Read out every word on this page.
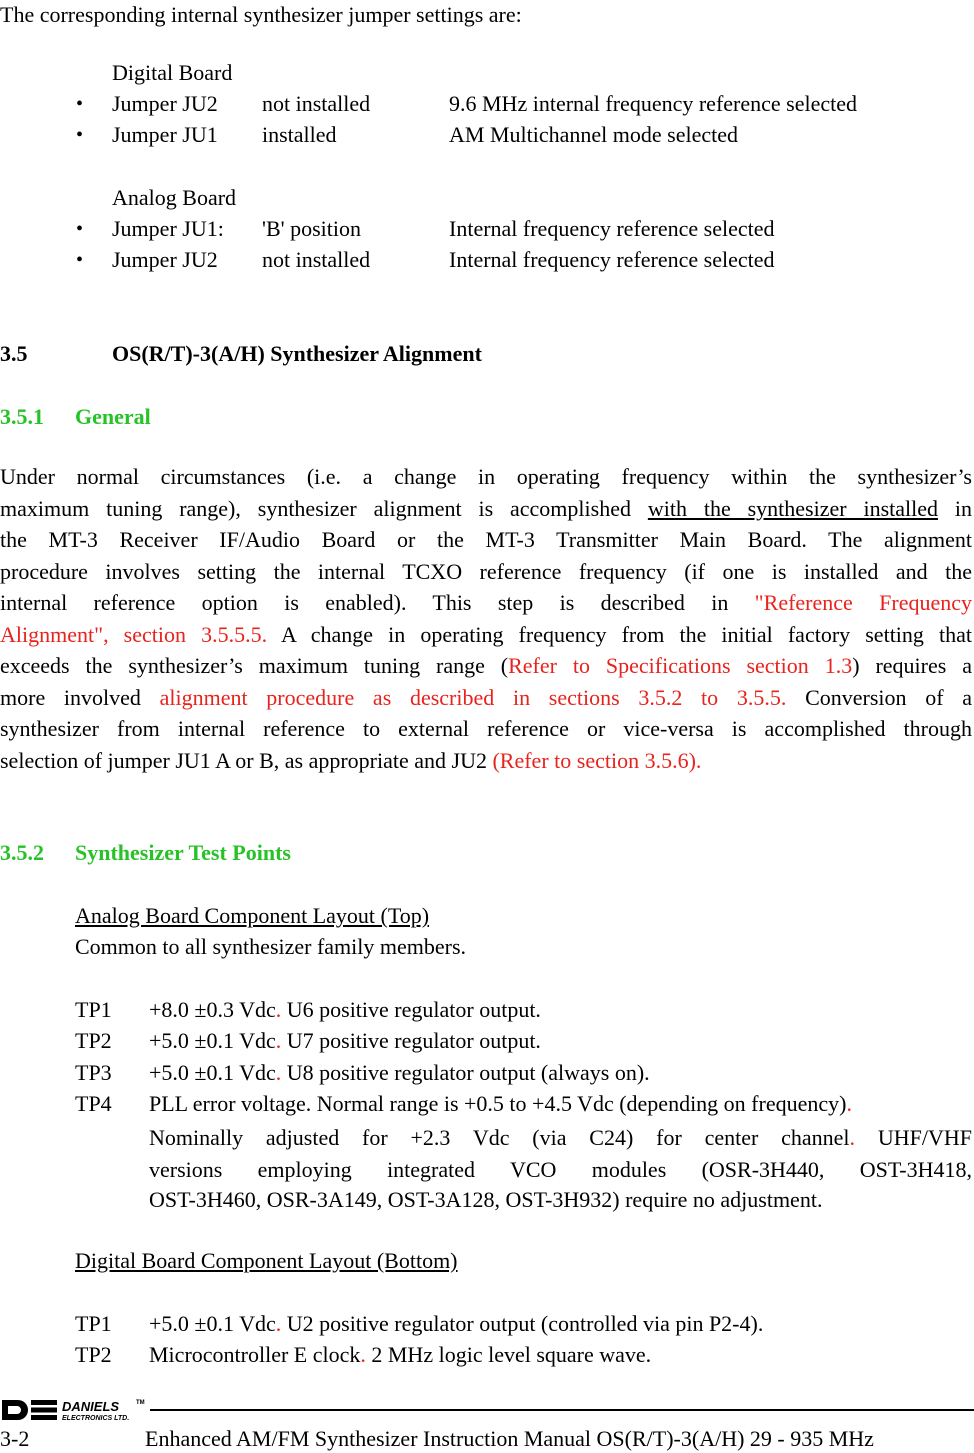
The corresponding internal synthesizer jumper settings are:
Digital Board
• Jumper JU2 not installed	9.6 MHz internal frequency reference selected
• Jumper JU1 installed	AM Multichannel mode selected
Analog Board
• Jumper JU1: 'B' position	Internal frequency reference selected
• Jumper JU2 not installed	Internal frequency reference selected
3.5	OS(R/T)-3(A/H) Synthesizer Alignment
3.5.1 General
Under normal circumstances (i.e. a change in operating frequency within the synthesizer’s
maximum tuning range), synthesizer alignment is accomplished with the synthesizer installed in
the MT-3 Receiver IF/Audio Board or the MT-3 Transmitter Main Board. The alignment
procedure involves setting the internal TCXO reference frequency (if one is installed and the
internal reference option is enabled). This step is described in "Reference Frequency
Alignment", section 3.5.5.5. A change in operating frequency from the initial factory setting that
exceeds the synthesizer’s maximum tuning range (Refer to Specifications section 1.3) requires a
more involved alignment procedure as described in sections 3.5.2 to 3.5.5. Conversion of a
synthesizer from internal reference to external reference or vice-versa is accomplished through
selection of jumper JU1 A or B, as appropriate and JU2 (Refer to section 3.5.6).
3.5.2 Synthesizer Test Points
Analog Board Component Layout (Top)
Common to all synthesizer family members.
TP1 +8.0 ±0.3 Vdc. U6 positive regulator output.
TP2 +5.0 ±0.1 Vdc. U7 positive regulator output.
TP3 +5.0 ±0.1 Vdc. U8 positive regulator output (always on).
TP4 PLL error voltage. Normal range is +0.5 to +4.5 Vdc (depending on frequency).
Nominally adjusted for +2.3 Vdc (via C24) for center channel. UHF/VHF
versions employing integrated VCO modules (OSR-3H440, OST-3H418,
OST-3H460, OSR-3A149, OST-3A128, OST-3H932) require no adjustment.
Digital Board Component Layout (Bottom)
TP1 +5.0 ±0.1 Vdc. U2 positive regulator output (controlled via pin P2-4).
TP2 Microcontroller E clock. 2 MHz logic level square wave.
DANIELS	TM
ELECTRONICS LTD.
3-2	Enhanced AM/FM Synthesizer Instruction Manual OS(R/T)-3(A/H) 29 - 935 MHz
